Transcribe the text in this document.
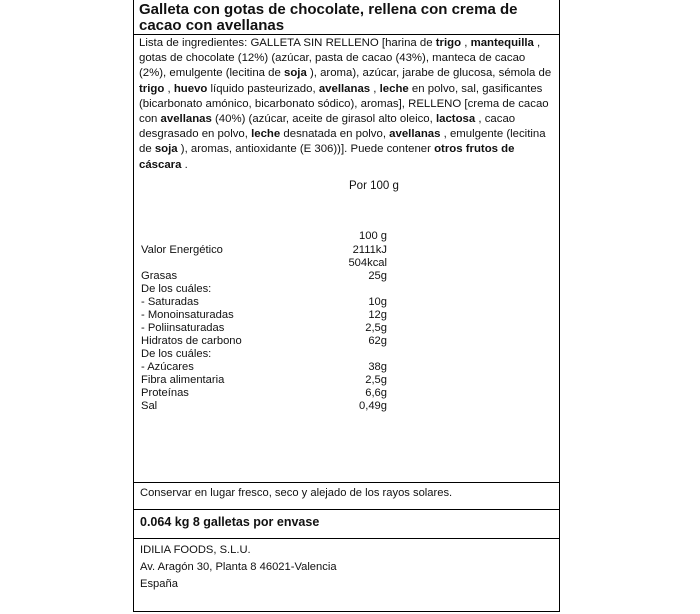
Galleta con gotas de chocolate, rellena con crema de cacao con avellanas
Lista de ingredientes: GALLETA SIN RELLENO [harina de trigo , mantequilla , gotas de chocolate (12%) (azúcar, pasta de cacao (43%), manteca de cacao (2%), emulgente (lecitina de soja ), aroma), azúcar, jarabe de glucosa, sémola de trigo , huevo líquido pasteurizado, avellanas , leche en polvo, sal, gasificantes (bicarbonato amónico, bicarbonato sódico), aromas], RELLENO [crema de cacao con avellanas (40%) (azúcar, aceite de girasol alto oleico, lactosa , cacao desgrasado en polvo, leche desnatada en polvo, avellanas , emulgente (lecitina de soja ), aromas, antioxidante (E 306))]. Puede contener otros frutos de cáscara .
Por 100 g
100 g
Valor Energético	2111kJ
504kcal
Grasas	25g
De los cuáles:
- Saturadas	10g
- Monoinsaturadas	12g
- Poliinsaturadas	2,5g
Hidratos de carbono	62g
De los cuáles:
- Azúcares	38g
Fibra alimentaria	2,5g
Proteínas	6,6g
Sal	0,49g
Conservar en lugar fresco, seco y alejado de los rayos solares.
0.064 kg 8 galletas por envase
IDILIA FOODS, S.L.U.
Av. Aragón 30, Planta 8 46021-Valencia
España
